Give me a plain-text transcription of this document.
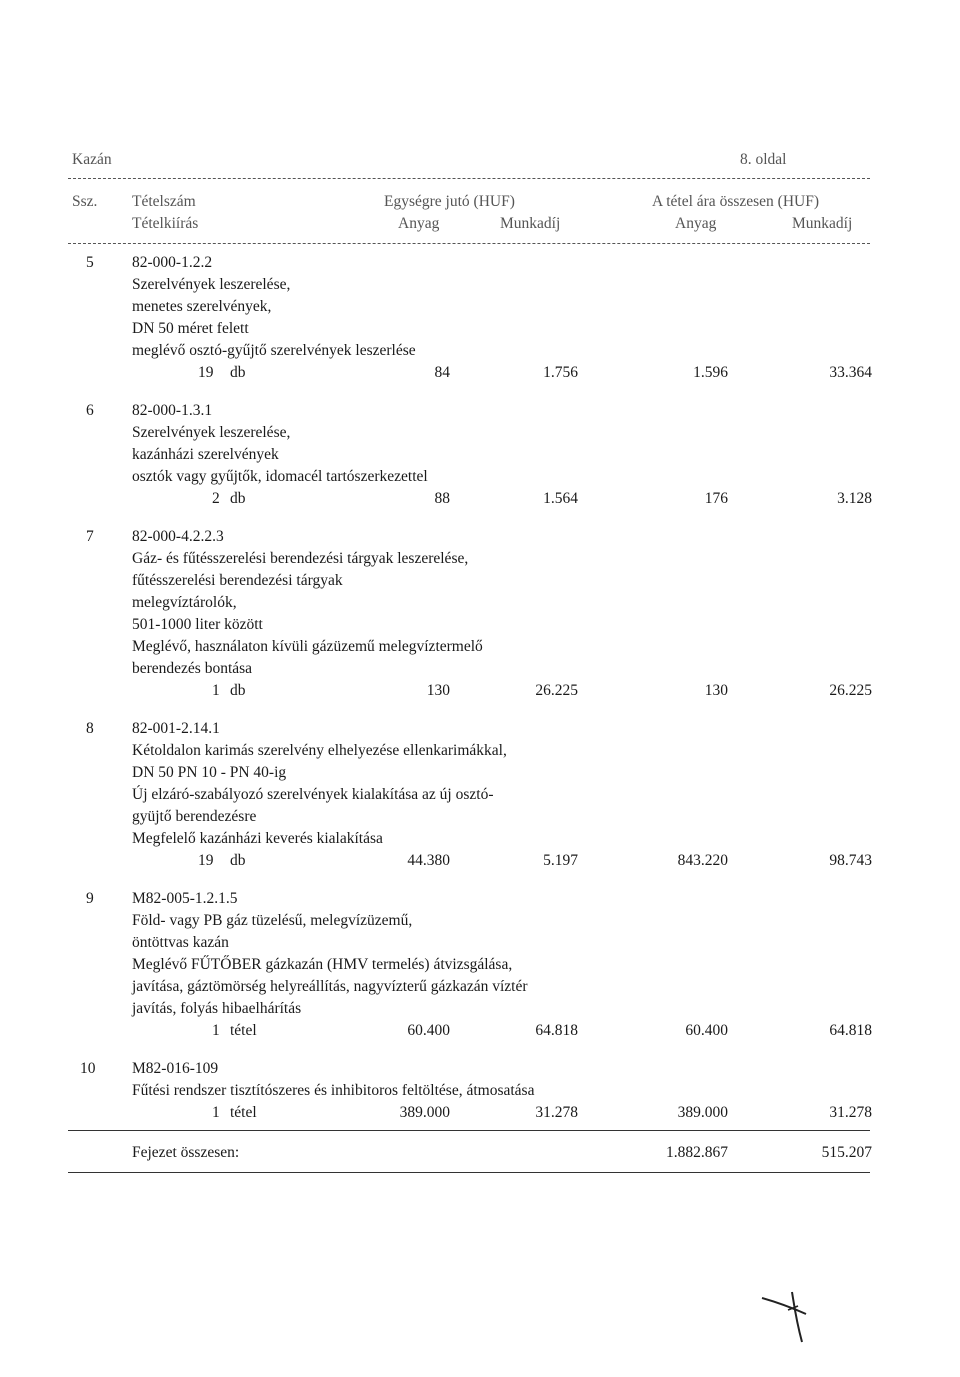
Kazán	8. oldal
Ssz. Tételszám
Tételkiírás
Egységre jutó (HUF)	A tétel ára összesen (HUF)
Anyag	Munkadíj	Anyag	Munkadíj
5 82-000-1.2.2
Szerelvények leszerelése,
menetes szerelvények,
DN 50 méret felett
meglévő osztó-gyűjtő szerelvények leszerlése
19 db	84	1.756	1.596	33.364
6 82-000-1.3.1
Szerelvények leszerelése,
kazánházi szerelvények
osztók vagy gyűjtők, idomacél tartószerkezettel
2 db	88	1.564	176	3.128
7 82-000-4.2.2.3
Gáz- és fűtésszerelési berendezési tárgyak leszerelése,
fűtésszerelési berendezési tárgyak
melegvíztárolók,
501-1000 liter között
Meglévő, használaton kívüli gázüzemű melegvíztermelő
berendezés bontása
1 db	130	26.225	130	26.225
8 82-001-2.14.1
Kétoldalon karimás szerelvény elhelyezése ellenkarimákkal,
DN 50 PN 10 - PN 40-ig
Új elzáró-szabályozó szerelvények kialakítása az új osztó-
gyüjtő berendezésre
Megfelelő kazánházi keverés kialakítása
19 db	44.380	5.197	843.220	98.743
9 M82-005-1.2.1.5
Föld- vagy PB gáz tüzelésű, melegvízüzemű,
öntöttvas kazán
Meglévő FŰTŐBER gázkazán (HMV termelés) átvizsgálása,
javítása, gáztömörség helyreállítás, nagyvízterű gázkazán víztér
javítás, folyás hibaelhárítás
1 tétel	60.400	64.818	60.400	64.818
10 M82-016-109
Fűtési rendszer tisztítószeres és inhibitoros feltöltése, átmosatása
1 tétel	389.000	31.278	389.000	31.278
Fejezet összesen:	1.882.867	515.207
